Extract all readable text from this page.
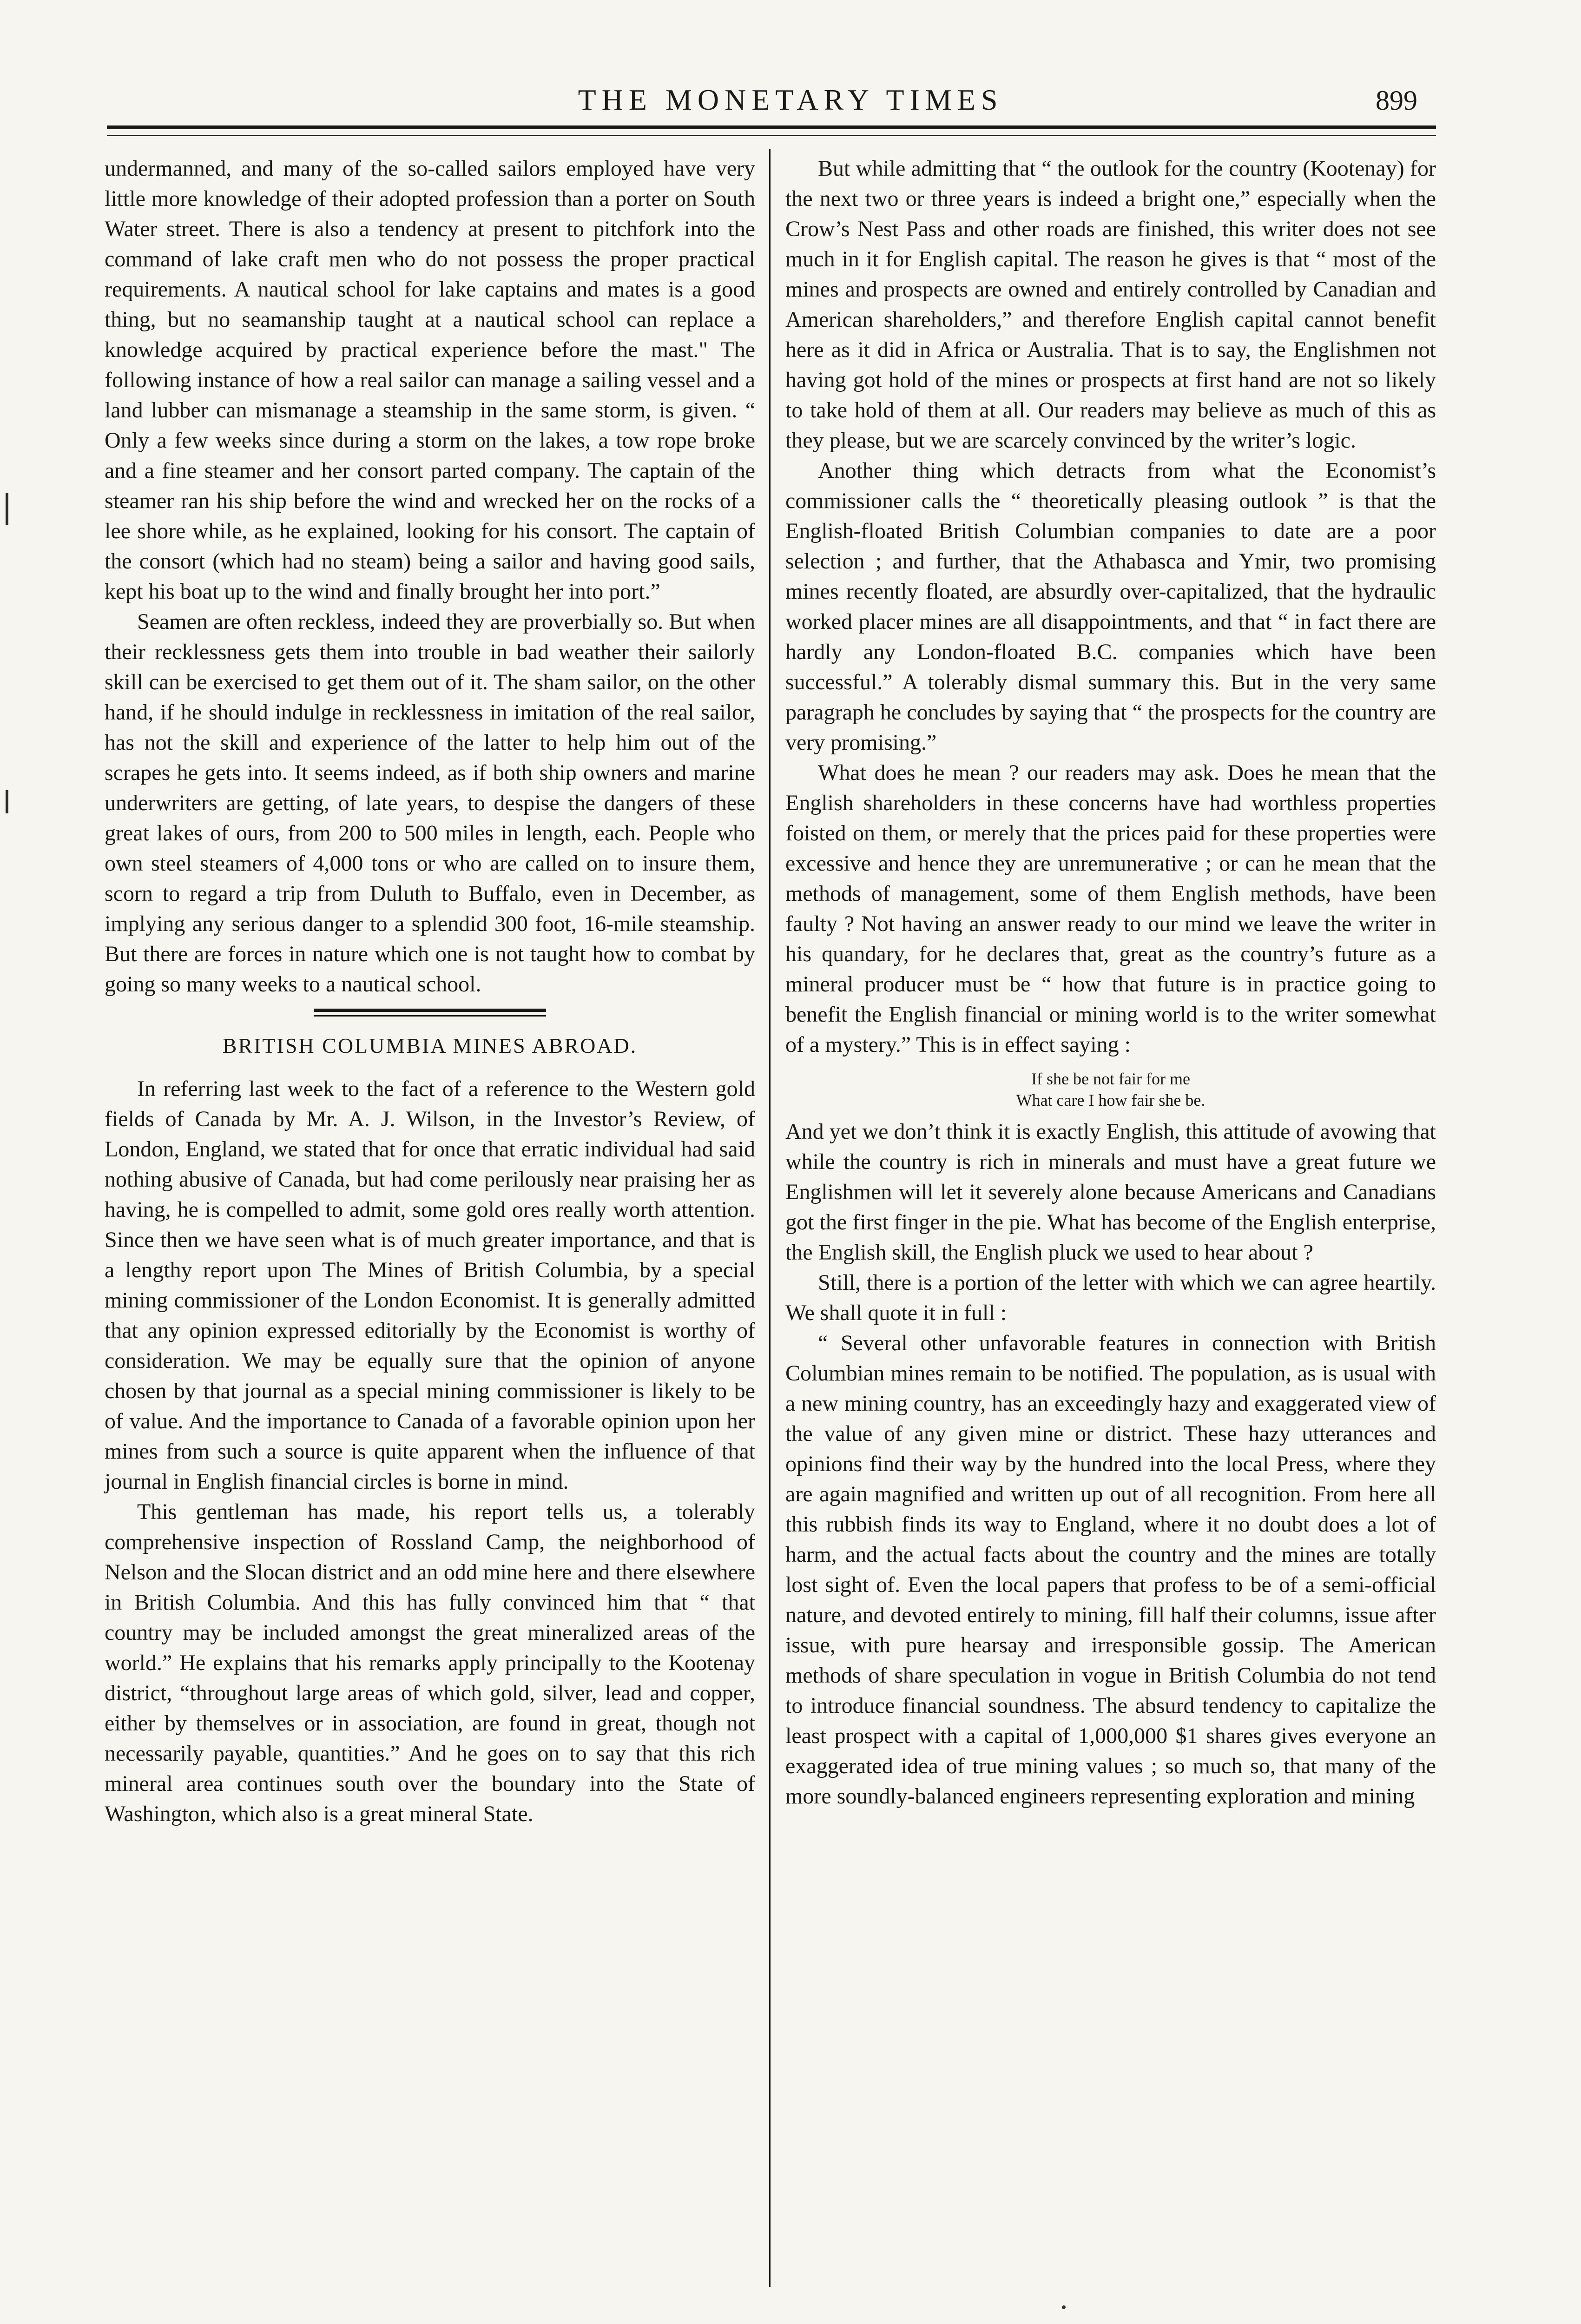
THE MONETARY TIMES	899

undermanned, and many of the so-called sailors employed have very little more knowledge of their adopted profession than a porter on South Water street. There is also a tendency at present to pitchfork into the command of lake craft men who do not possess the proper practical requirements. A nautical school for lake captains and mates is a good thing, but no seamanship taught at a nautical school can replace a knowledge acquired by practical experience before the mast." The following instance of how a real sailor can manage a sailing vessel and a land lubber can mismanage a steamship in the same storm, is given. “ Only a few weeks since during a storm on the lakes, a tow rope broke and a fine steamer and her consort parted company. The captain of the steamer ran his ship before the wind and wrecked her on the rocks of a lee shore while, as he explained, looking for his consort. The captain of the consort (which had no steam) being a sailor and having good sails, kept his boat up to the wind and finally brought her into port.”

Seamen are often reckless, indeed they are proverbially so. But when their recklessness gets them into trouble in bad weather their sailorly skill can be exercised to get them out of it. The sham sailor, on the other hand, if he should indulge in recklessness in imitation of the real sailor, has not the skill and experience of the latter to help him out of the scrapes he gets into. It seems indeed, as if both ship owners and marine underwriters are getting, of late years, to despise the dangers of these great lakes of ours, from 200 to 500 miles in length, each. People who own steel steamers of 4,000 tons or who are called on to insure them, scorn to regard a trip from Duluth to Buffalo, even in December, as implying any serious danger to a splendid 300 foot, 16-mile steamship. But there are forces in nature which one is not taught how to combat by going so many weeks to a nautical school.

BRITISH COLUMBIA MINES ABROAD.

In referring last week to the fact of a reference to the Western gold fields of Canada by Mr. A. J. Wilson, in the Investor’s Review, of London, England, we stated that for once that erratic individual had said nothing abusive of Canada, but had come perilously near praising her as having, he is compelled to admit, some gold ores really worth attention. Since then we have seen what is of much greater importance, and that is a lengthy report upon The Mines of British Columbia, by a special mining commissioner of the London Economist. It is generally admitted that any opinion expressed editorially by the Economist is worthy of consideration. We may be equally sure that the opinion of anyone chosen by that journal as a special mining commissioner is likely to be of value. And the importance to Canada of a favorable opinion upon her mines from such a source is quite apparent when the influence of that journal in English financial circles is borne in mind.

This gentleman has made, his report tells us, a tolerably comprehensive inspection of Rossland Camp, the neighborhood of Nelson and the Slocan district and an odd mine here and there elsewhere in British Columbia. And this has fully convinced him that “ that country may be included amongst the great mineralized areas of the world.” He explains that his remarks apply principally to the Kootenay district, “throughout large areas of which gold, silver, lead and copper, either by themselves or in association, are found in great, though not necessarily payable, quantities.” And he goes on to say that this rich mineral area continues south over the boundary into the State of Washington, which also is a great mineral State.

But while admitting that “ the outlook for the country (Kootenay) for the next two or three years is indeed a bright one,” especially when the Crow’s Nest Pass and other roads are finished, this writer does not see much in it for English capital. The reason he gives is that “ most of the mines and prospects are owned and entirely controlled by Canadian and American shareholders,” and therefore English capital cannot benefit here as it did in Africa or Australia. That is to say, the Englishmen not having got hold of the mines or prospects at first hand are not so likely to take hold of them at all. Our readers may believe as much of this as they please, but we are scarcely convinced by the writer’s logic.

Another thing which detracts from what the Economist’s commissioner calls the “ theoretically pleasing outlook ” is that the English-floated British Columbian companies to date are a poor selection ; and further, that the Athabasca and Ymir, two promising mines recently floated, are absurdly over-capitalized, that the hydraulic worked placer mines are all disappointments, and that “ in fact there are hardly any London-floated B.C. companies which have been successful.” A tolerably dismal summary this. But in the very same paragraph he concludes by saying that “ the prospects for the country are very promising.”

What does he mean ? our readers may ask. Does he mean that the English shareholders in these concerns have had worthless properties foisted on them, or merely that the prices paid for these properties were excessive and hence they are unremunerative ; or can he mean that the methods of management, some of them English methods, have been faulty ? Not having an answer ready to our mind we leave the writer in his quandary, for he declares that, great as the country’s future as a mineral producer must be “ how that future is in practice going to benefit the English financial or mining world is to the writer somewhat of a mystery.” This is in effect saying :

If she be not fair for me
What care I how fair she be.

And yet we don’t think it is exactly English, this attitude of avowing that while the country is rich in minerals and must have a great future we Englishmen will let it severely alone because Americans and Canadians got the first finger in the pie. What has become of the English enterprise, the English skill, the English pluck we used to hear about ?

Still, there is a portion of the letter with which we can agree heartily. We shall quote it in full :

“ Several other unfavorable features in connection with British Columbian mines remain to be notified. The population, as is usual with a new mining country, has an exceedingly hazy and exaggerated view of the value of any given mine or district. These hazy utterances and opinions find their way by the hundred into the local Press, where they are again magnified and written up out of all recognition. From here all this rubbish finds its way to England, where it no doubt does a lot of harm, and the actual facts about the country and the mines are totally lost sight of. Even the local papers that profess to be of a semi-official nature, and devoted entirely to mining, fill half their columns, issue after issue, with pure hearsay and irresponsible gossip. The American methods of share speculation in vogue in British Columbia do not tend to introduce financial soundness. The absurd tendency to capitalize the least prospect with a capital of 1,000,000 $1 shares gives everyone an exaggerated idea of true mining values ; so much so, that many of the more soundly-balanced engineers representing exploration and mining
